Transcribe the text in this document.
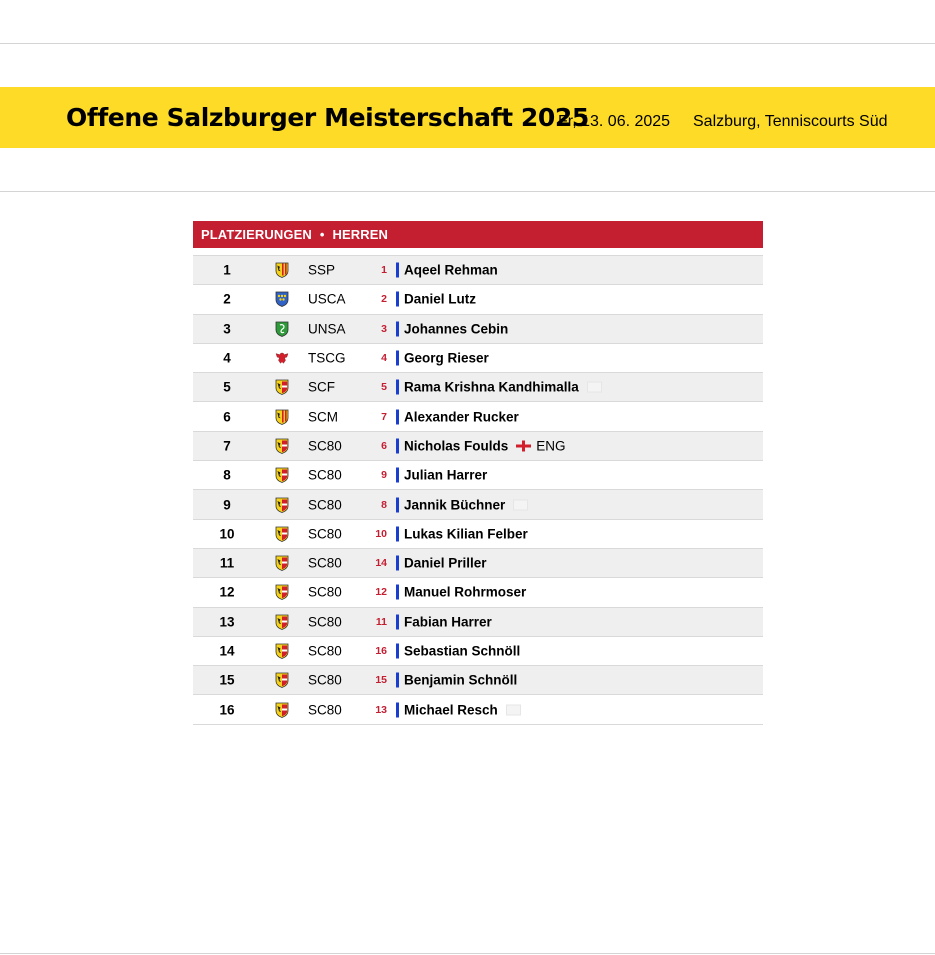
Offene Salzburger Meisterschaft 2025
Fr, 13. 06. 2025 Salzburg, Tenniscourts Süd
PLATZIERUNGEN • HERREN
1	SSP	1 Aqeel Rehman
2	USCA	2 Daniel Lutz
3	UNSA	3 Johannes Cebin
4	TSCG	4 Georg Rieser
5	SCF	5 Rama Krishna Kandhimalla
6	SCM	7 Alexander Rucker
7	SC80	6 Nicholas Foulds ENG
8	SC80	9 Julian Harrer
9	SC80	8 Jannik Büchner
10	SC80	10 Lukas Kilian Felber
11	SC80	14 Daniel Priller
12	SC80	12 Manuel Rohrmoser
13	SC80	11 Fabian Harrer
14	SC80	16 Sebastian Schnöll
15	SC80	15 Benjamin Schnöll
16	SC80	13 Michael Resch
